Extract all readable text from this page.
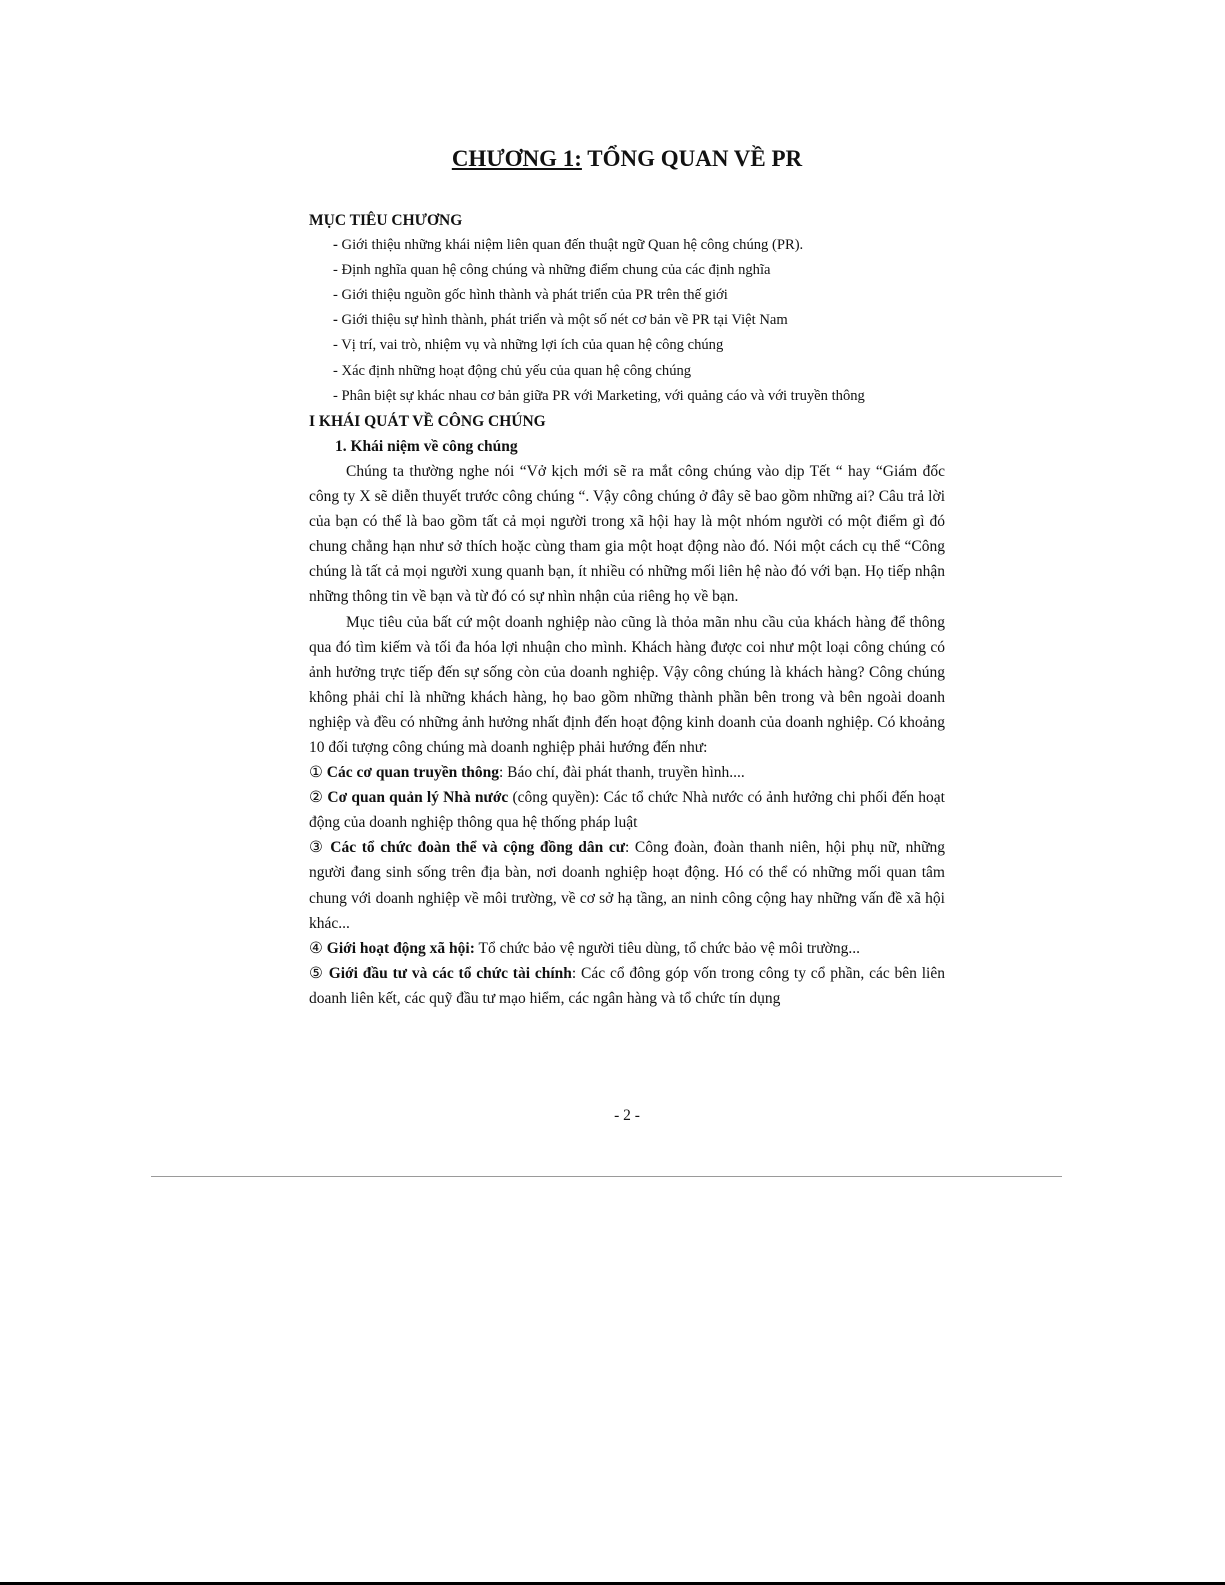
CHƯƠNG 1: TỔNG QUAN VỀ PR
MỤC TIÊU CHƯƠNG
- Giới thiệu những khái niệm liên quan đến thuật ngữ Quan hệ công chúng (PR).
- Định nghĩa quan hệ công chúng và những điểm chung của các định nghĩa
- Giới thiệu nguồn gốc hình thành và phát triển của PR trên thế giới
- Giới thiệu sự hình thành, phát triển và một số nét cơ bản về PR tại Việt Nam
- Vị trí, vai trò, nhiệm vụ và những lợi ích của quan hệ công chúng
- Xác định những hoạt động chủ yếu của quan hệ công chúng
- Phân biệt sự khác nhau cơ bản giữa PR với Marketing, với quảng cáo và với truyền thông
I KHÁI QUÁT VỀ CÔNG CHÚNG
1. Khái niệm về công chúng

Chúng ta thường nghe nói “Vở kịch mới sẽ ra mắt công chúng vào dịp Tết “ hay “Giám đốc công ty X sẽ diễn thuyết trước công chúng “. Vậy công chúng ở đây sẽ bao gồm những ai? Câu trả lời của bạn có thể là bao gồm tất cả mọi người trong xã hội hay là một nhóm người có một điểm gì đó chung chẳng hạn như sở thích hoặc cùng tham gia một hoạt động nào đó. Nói một cách cụ thể “Công chúng là tất cả mọi người xung quanh bạn, ít nhiều có những mối liên hệ nào đó với bạn. Họ tiếp nhận những thông tin về bạn và từ đó có sự nhìn nhận của riêng họ về bạn.

Mục tiêu của bất cứ một doanh nghiệp nào cũng là thỏa mãn nhu cầu của khách hàng để thông qua đó tìm kiếm và tối đa hóa lợi nhuận cho mình. Khách hàng được coi như một loại công chúng có ảnh hưởng trực tiếp đến sự sống còn của doanh nghiệp. Vậy công chúng là khách hàng? Công chúng không phải chỉ là những khách hàng, họ bao gồm những thành phần bên trong và bên ngoài doanh nghiệp và đều có những ảnh hưởng nhất định đến hoạt động kinh doanh của doanh nghiệp. Có khoảng 10 đối tượng công chúng mà doanh nghiệp phải hướng đến như:

① Các cơ quan truyền thông: Báo chí, đài phát thanh, truyền hình....

② Cơ quan quản lý Nhà nước (công quyền): Các tổ chức Nhà nước có ảnh hưởng chi phối đến hoạt động của doanh nghiệp thông qua hệ thống pháp luật

③ Các tổ chức đoàn thể và cộng đồng dân cư: Công đoàn, đoàn thanh niên, hội phụ nữ, những người đang sinh sống trên địa bàn, nơi doanh nghiệp hoạt động. Hó có thể có những mối quan tâm chung với doanh nghiệp về môi trường, về cơ sở hạ tầng, an ninh công cộng hay những vấn đề xã hội khác...

④ Giới hoạt động xã hội: Tổ chức bảo vệ người tiêu dùng, tổ chức bảo vệ môi trường...

⑤ Giới đầu tư và các tổ chức tài chính: Các cổ đông góp vốn trong công ty cổ phần, các bên liên doanh liên kết, các quỹ đầu tư mạo hiểm, các ngân hàng và tổ chức tín dụng

- 2 -
